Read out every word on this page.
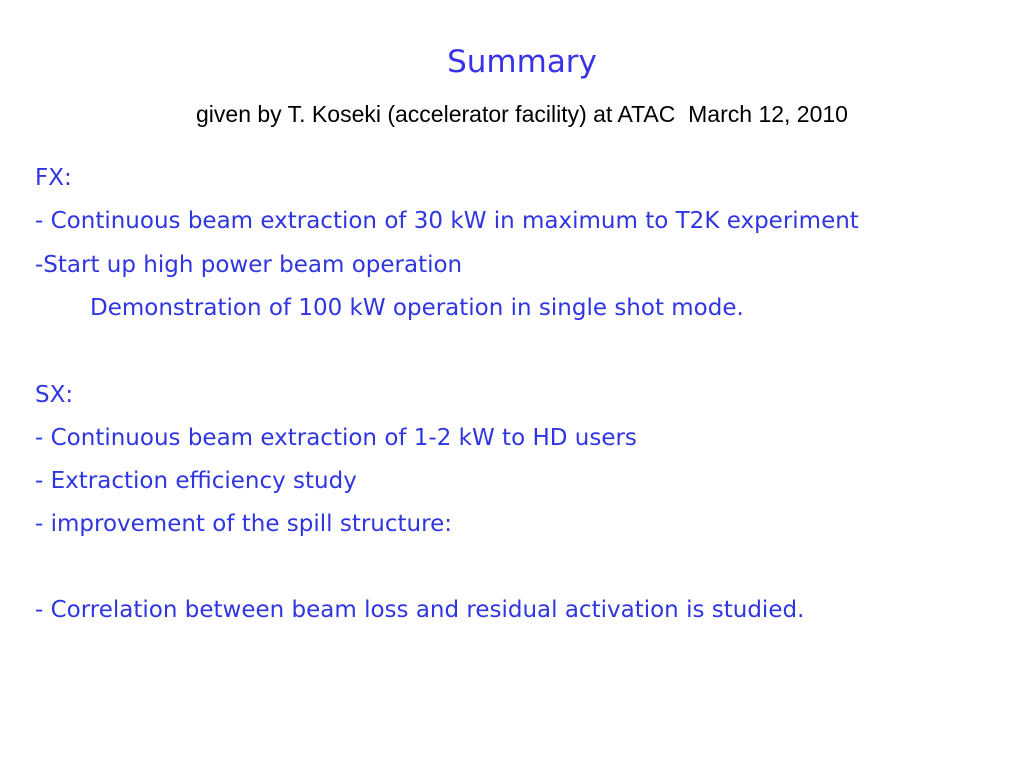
Summary
given by T. Koseki (accelerator facility) at ATAC  March 12, 2010
FX:
- Continuous beam extraction of 30 kW in maximum to T2K experiment
-Start up high power beam operation
Demonstration of 100 kW operation in single shot mode.
SX:
- Continuous beam extraction of 1-2 kW to HD users
- Extraction efficiency study
- improvement of the spill structure:
- Correlation between beam loss and residual activation is studied.
